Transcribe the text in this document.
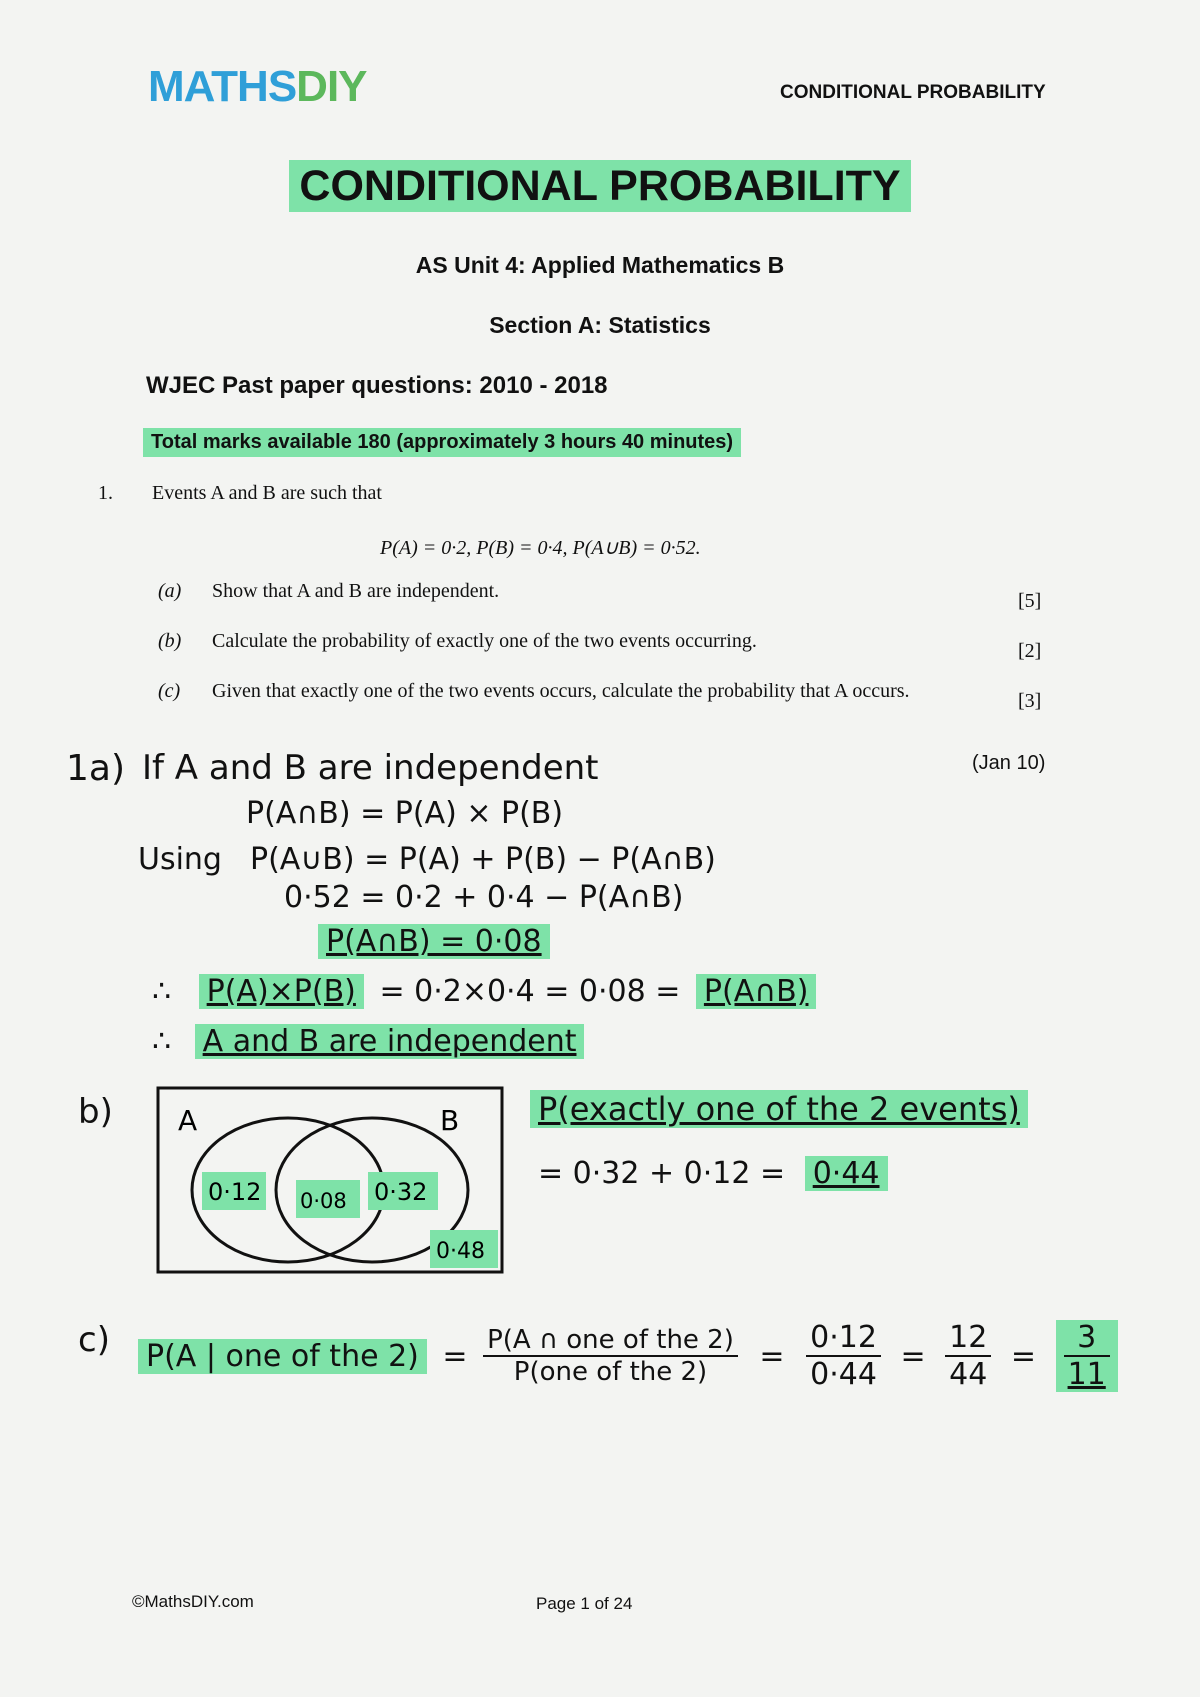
MATHSDIY	CONDITIONAL PROBABILITY
CONDITIONAL PROBABILITY
AS Unit 4: Applied Mathematics B
Section A: Statistics
WJEC Past paper questions: 2010 - 2018
Total marks available 180 (approximately 3 hours 40 minutes)
1. Events A and B are such that
P(A) = 0·2, P(B) = 0·4, P(A∪B) = 0·52.
(a) Show that A and B are independent.	[5]
(b) Calculate the probability of exactly one of the two events occurring.	[2]
(c) Given that exactly one of the two events occurs, calculate the probability that A occurs.	[3]
(Jan 10)
1a) If A and B are independent
P(A∩B) = P(A) × P(B)
Using P(A∪B) = P(A) + P(B) − P(A∩B)
0·52 = 0·2 + 0·4 − P(A∩B)
P(A∩B) = 0·08
∴ P(A)×P(B) = 0·2×0·4 = 0·08 = P(A∩B)
∴ A and B are independent
b) A	B
0·12 0·08 0·32
0·48
P(exactly one of the 2 events)
= 0·32 + 0·12 = 0·44
c) P(A | one of the $2) = \frac{\text{P(A ∩ one of the 2)}}{\text{P(one of the 2)}} = \frac{0\cdot 12}{0\cdot 44} = \frac{12}{44} = \frac{3}{11}$
©MathsDIY.com	Page 1 of 24
